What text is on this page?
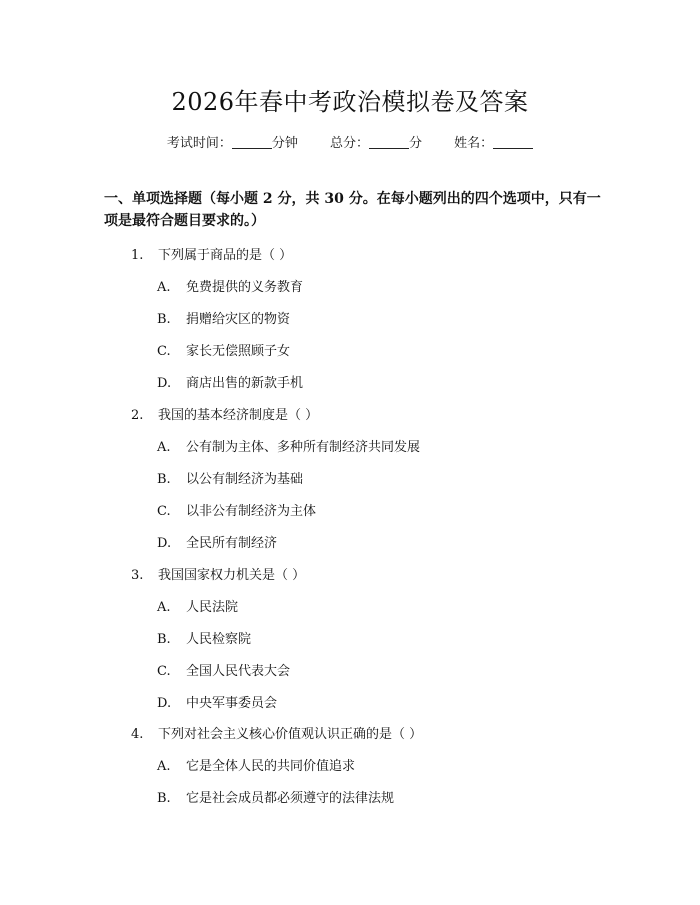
2026年春中考政治模拟卷及答案
考试时间：	分钟 总分：	分 姓名：
一、单项选择题（每小题 2 分，共 30 分。在每小题列出的四个选项中，只有一项是最符合题目要求的。）
1. 下列属于商品的是（ ）
A. 免费提供的义务教育
B. 捐赠给灾区的物资
C. 家长无偿照顾子女
D. 商店出售的新款手机
2. 我国的基本经济制度是（ ）
A. 公有制为主体、多种所有制经济共同发展
B. 以公有制经济为基础
C. 以非公有制经济为主体
D. 全民所有制经济
3. 我国国家权力机关是（ ）
A. 人民法院
B. 人民检察院
C. 全国人民代表大会
D. 中央军事委员会
4. 下列对社会主义核心价值观认识正确的是（ ）
A. 它是全体人民的共同价值追求
B. 它是社会成员都必须遵守的法律法规
